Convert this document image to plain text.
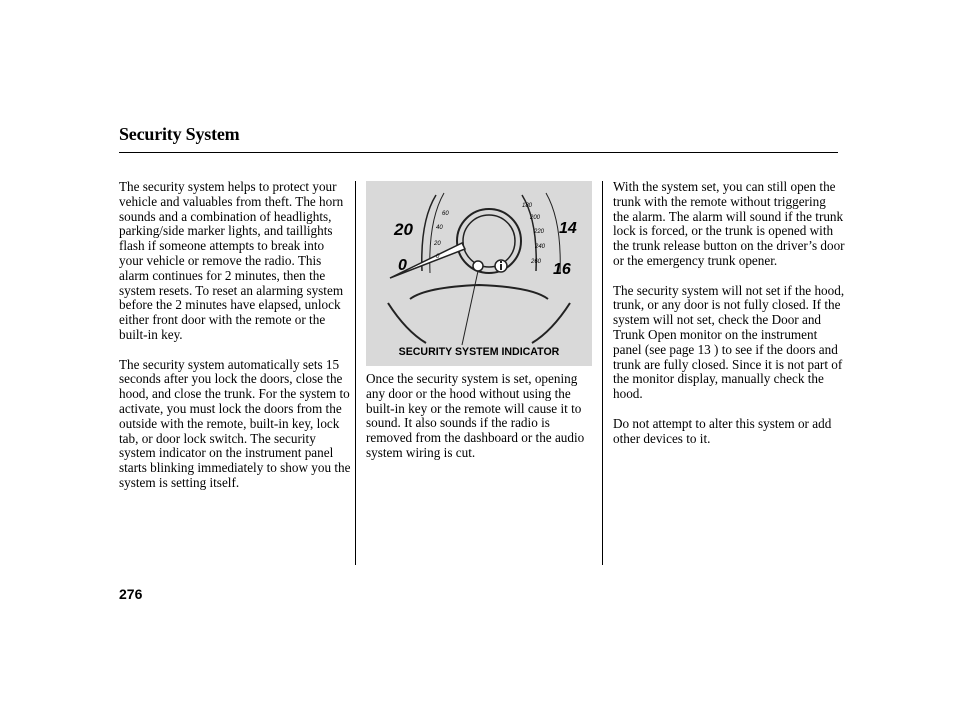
Security System

The security system helps to protect your vehicle and valuables from theft. The horn sounds and a combination of headlights, parking/side marker lights, and taillights flash if someone attempts to break into your vehicle or remove the radio. This alarm continues for 2 minutes, then the system resets. To reset an alarming system before the 2 minutes have elapsed, unlock either front door with the remote or the built-in key.

The security system automatically sets 15 seconds after you lock the doors, close the hood, and close the trunk. For the system to activate, you must lock the doors from the outside with the remote, built-in key, lock tab, or door lock switch. The security system indicator on the instrument panel starts blinking immediately to show you the system is setting itself.

20
0
60
40
20
0
180
200
220
240
260
14
16
SECURITY SYSTEM INDICATOR

Once the security system is set, opening any door or the hood without using the built-in key or the remote will cause it to sound. It also sounds if the radio is removed from the dashboard or the audio system wiring is cut.

With the system set, you can still open the trunk with the remote without triggering the alarm. The alarm will sound if the trunk lock is forced, or the trunk is opened with the trunk release button on the driver’s door or the emergency trunk opener.

The security system will not set if the hood, trunk, or any door is not fully closed. If the system will not set, check the Door and Trunk Open monitor on the instrument panel (see page 13 ) to see if the doors and trunk are fully closed. Since it is not part of the monitor display, manually check the hood.

Do not attempt to alter this system or add other devices to it.

276
